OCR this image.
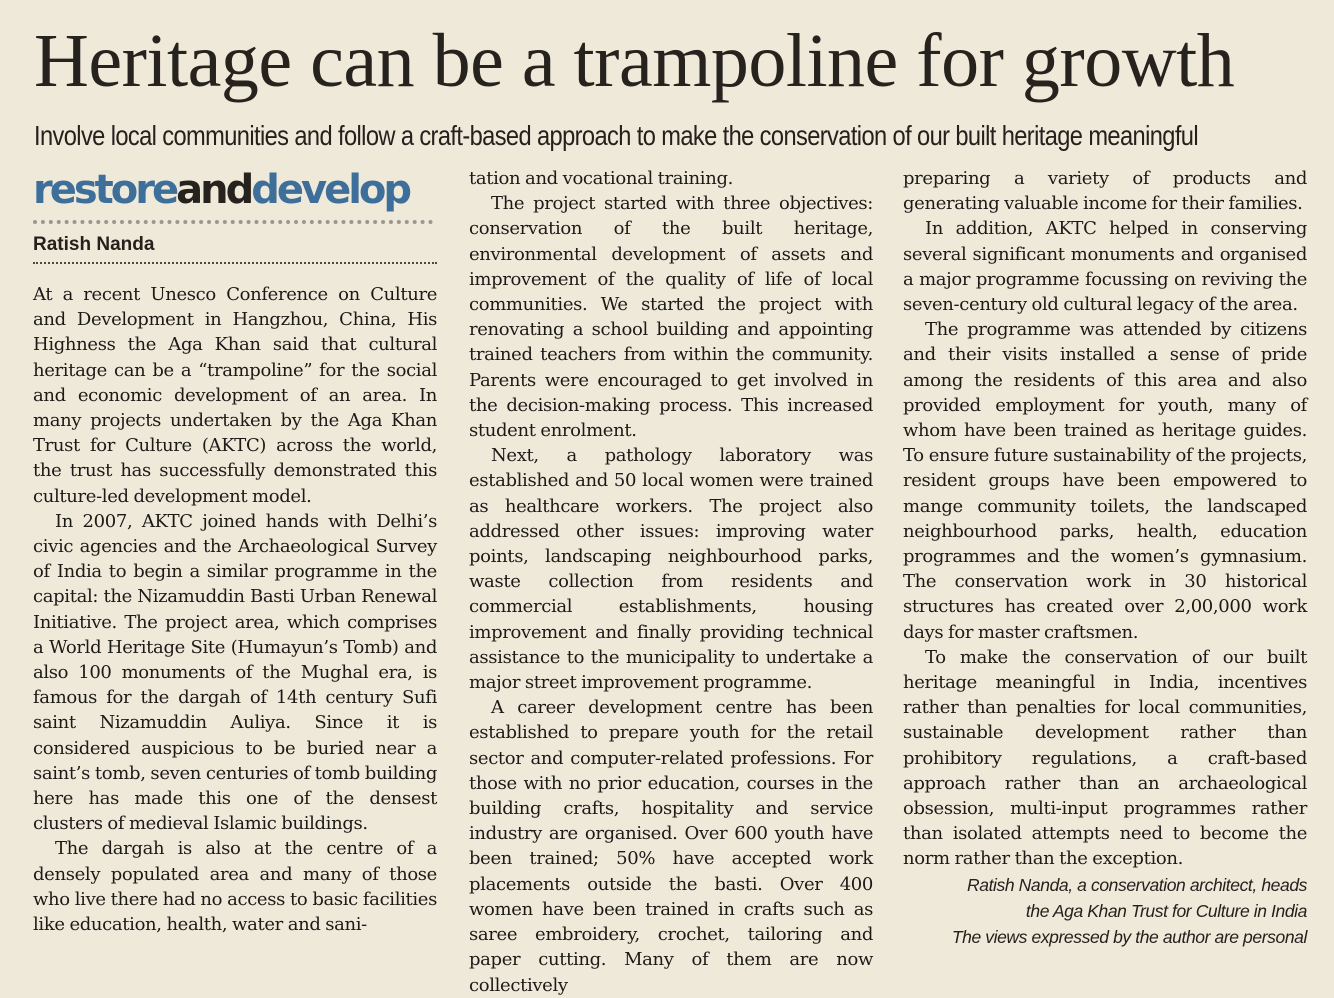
Heritage can be a trampoline for growth
Involve local communities and follow a craft-based approach to make the conservation of our built heritage meaningful
restoreanddevelop
Ratish Nanda

At a recent Unesco Conference on Culture and Development in Hangzhou, China, His Highness the Aga Khan said that cultural heritage can be a “trampoline” for the social and economic development of an area. In many projects undertaken by the Aga Khan Trust for Culture (AKTC) across the world, the trust has successfully demonstrated this culture-led development model.

In 2007, AKTC joined hands with Delhi’s civic agencies and the Archaeological Survey of India to begin a similar programme in the capital: the Nizamuddin Basti Urban Renewal Initiative. The project area, which comprises a World Heritage Site (Humayun’s Tomb) and also 100 monuments of the Mughal era, is famous for the dargah of 14th century Sufi saint Nizamuddin Auliya. Since it is considered auspicious to be buried near a saint’s tomb, seven centuries of tomb building here has made this one of the densest clusters of medieval Islamic buildings.

The dargah is also at the centre of a densely populated area and many of those who live there had no access to basic facilities like education, health, water and sani-

tation and vocational training.

The project started with three objectives: conservation of the built heritage, environmental development of assets and improvement of the quality of life of local communities. We started the project with renovating a school building and appointing trained teachers from within the community. Parents were encouraged to get involved in the decision-making process. This increased student enrolment.

Next, a pathology laboratory was established and 50 local women were trained as healthcare workers. The project also addressed other issues: improving water points, landscaping neighbourhood parks, waste collection from residents and commercial establishments, housing improvement and finally providing technical assistance to the municipality to undertake a major street improvement programme.

A career development centre has been established to prepare youth for the retail sector and computer-related professions. For those with no prior education, courses in the building crafts, hospitality and service industry are organised. Over 600 youth have been trained; 50% have accepted work placements outside the basti. Over 400 women have been trained in crafts such as saree embroidery, crochet, tailoring and paper cutting. Many of them are now collectively

preparing a variety of products and generating valuable income for their families.

In addition, AKTC helped in conserving several significant monuments and organised a major programme focussing on reviving the seven-century old cultural legacy of the area.

The programme was attended by citizens and their visits installed a sense of pride among the residents of this area and also provided employment for youth, many of whom have been trained as heritage guides. To ensure future sustainability of the projects, resident groups have been empowered to mange community toilets, the landscaped neighbourhood parks, health, education programmes and the women’s gymnasium. The conservation work in 30 historical structures has created over 2,00,000 work days for master craftsmen.

To make the conservation of our built heritage meaningful in India, incentives rather than penalties for local communities, sustainable development rather than prohibitory regulations, a craft-based approach rather than an archaeological obsession, multi-input programmes rather than isolated attempts need to become the norm rather than the exception.

Ratish Nanda, a conservation architect, heads
the Aga Khan Trust for Culture in India
The views expressed by the author are personal
